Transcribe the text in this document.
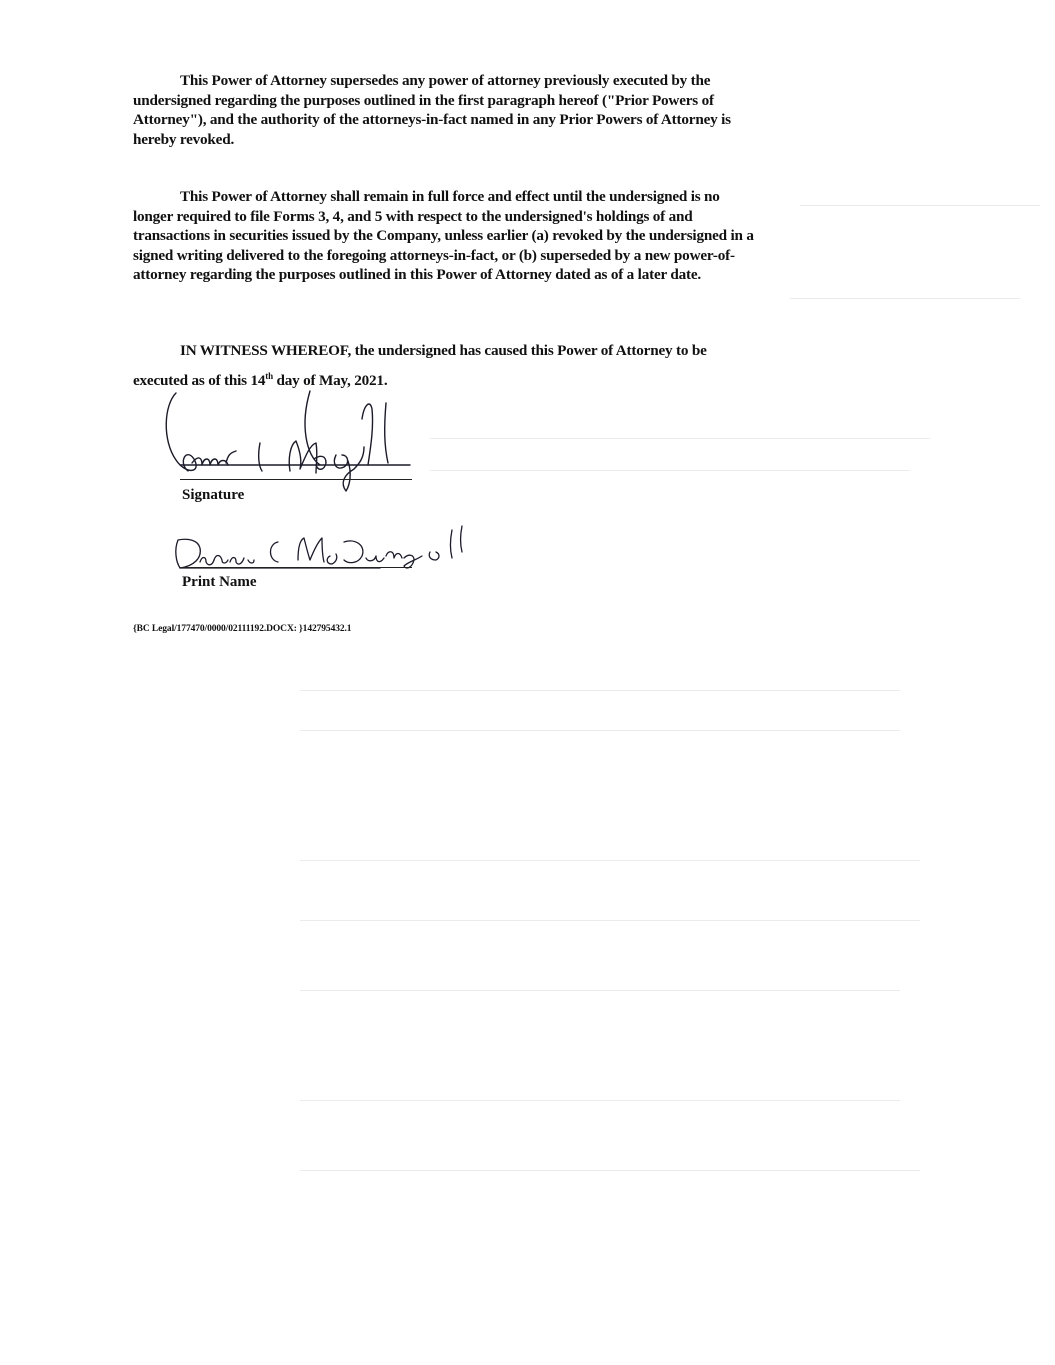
This Power of Attorney supersedes any power of attorney previously executed by the undersigned regarding the purposes outlined in the first paragraph hereof ("Prior Powers of Attorney"), and the authority of the attorneys-in-fact named in any Prior Powers of Attorney is hereby revoked.

This Power of Attorney shall remain in full force and effect until the undersigned is no longer required to file Forms 3, 4, and 5 with respect to the undersigned's holdings of and transactions in securities issued by the Company, unless earlier (a) revoked by the undersigned in a signed writing delivered to the foregoing attorneys-in-fact, or (b) superseded by a new power-of-attorney regarding the purposes outlined in this Power of Attorney dated as of a later date.

IN WITNESS WHEREOF, the undersigned has caused this Power of Attorney to be
executed as of this 14th day of May, 2021.
Signature
Print Name
{BC Legal/177470/0000/02111192.DOCX: }142795432.1
